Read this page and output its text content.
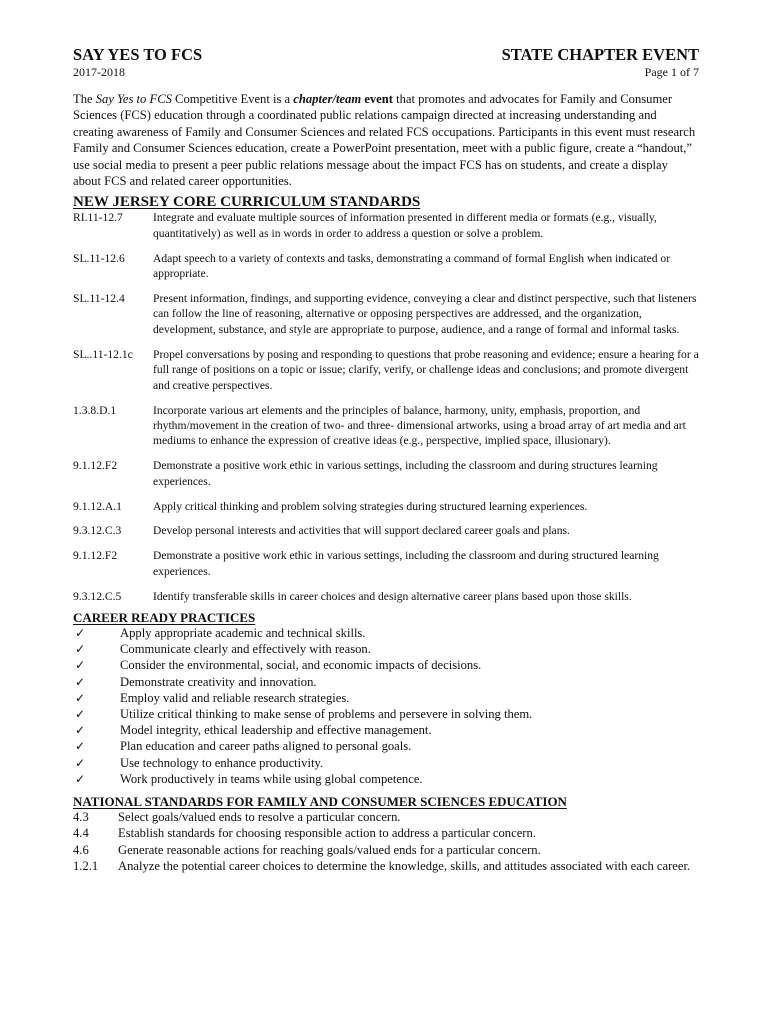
SAY YES TO FCS	STATE CHAPTER EVENT
2017-2018	Page 1 of 7

The Say Yes to FCS Competitive Event is a chapter/team event that promotes and advocates for Family and Consumer Sciences (FCS) education through a coordinated public relations campaign directed at increasing understanding and creating awareness of Family and Consumer Sciences and related FCS occupations. Participants in this event must research Family and Consumer Sciences education, create a PowerPoint presentation, meet with a public figure, create a “handout,” use social media to present a peer public relations message about the impact FCS has on students, and create a display about FCS and related career opportunities.

NEW JERSEY CORE CURRICULUM STANDARDS
RI.11-12.7	Integrate and evaluate multiple sources of information presented in different media or formats (e.g., visually, quantitatively) as well as in words in order to address a question or solve a problem.
SL.11-12.6	Adapt speech to a variety of contexts and tasks, demonstrating a command of formal English when indicated or appropriate.
SL.11-12.4	Present information, findings, and supporting evidence, conveying a clear and distinct perspective, such that listeners can follow the line of reasoning, alternative or opposing perspectives are addressed, and the organization, development, substance, and style are appropriate to purpose, audience, and a range of formal and informal tasks.
SL..11-12.1c	Propel conversations by posing and responding to questions that probe reasoning and evidence; ensure a hearing for a full range of positions on a topic or issue; clarify, verify, or challenge ideas and conclusions; and promote divergent and creative perspectives.
1.3.8.D.1	Incorporate various art elements and the principles of balance, harmony, unity, emphasis, proportion, and rhythm/movement in the creation of two- and three- dimensional artworks, using a broad array of art media and art mediums to enhance the expression of creative ideas (e.g., perspective, implied space, illusionary).
9.1.12.F2	Demonstrate a positive work ethic in various settings, including the classroom and during structures learning experiences.
9.1.12.A.1	Apply critical thinking and problem solving strategies during structured learning experiences.
9.3.12.C.3	Develop personal interests and activities that will support declared career goals and plans.
9.1.12.F2	Demonstrate a positive work ethic in various settings, including the classroom and during structured learning experiences.
9.3.12.C.5	Identify transferable skills in career choices and design alternative career plans based upon those skills.
CAREER READY PRACTICES
✓	Apply appropriate academic and technical skills.
✓	Communicate clearly and effectively with reason.
✓	Consider the environmental, social, and economic impacts of decisions.
✓	Demonstrate creativity and innovation.
✓	Employ valid and reliable research strategies.
✓	Utilize critical thinking to make sense of problems and persevere in solving them.
✓	Model integrity, ethical leadership and effective management.
✓	Plan education and career paths aligned to personal goals.
✓	Use technology to enhance productivity.
✓	Work productively in teams while using global competence.
NATIONAL STANDARDS FOR FAMILY AND CONSUMER SCIENCES EDUCATION
4.3	Select goals/valued ends to resolve a particular concern.
4.4	Establish standards for choosing responsible action to address a particular concern.
4.6	Generate reasonable actions for reaching goals/valued ends for a particular concern.
1.2.1	Analyze the potential career choices to determine the knowledge, skills, and attitudes associated with each career.
